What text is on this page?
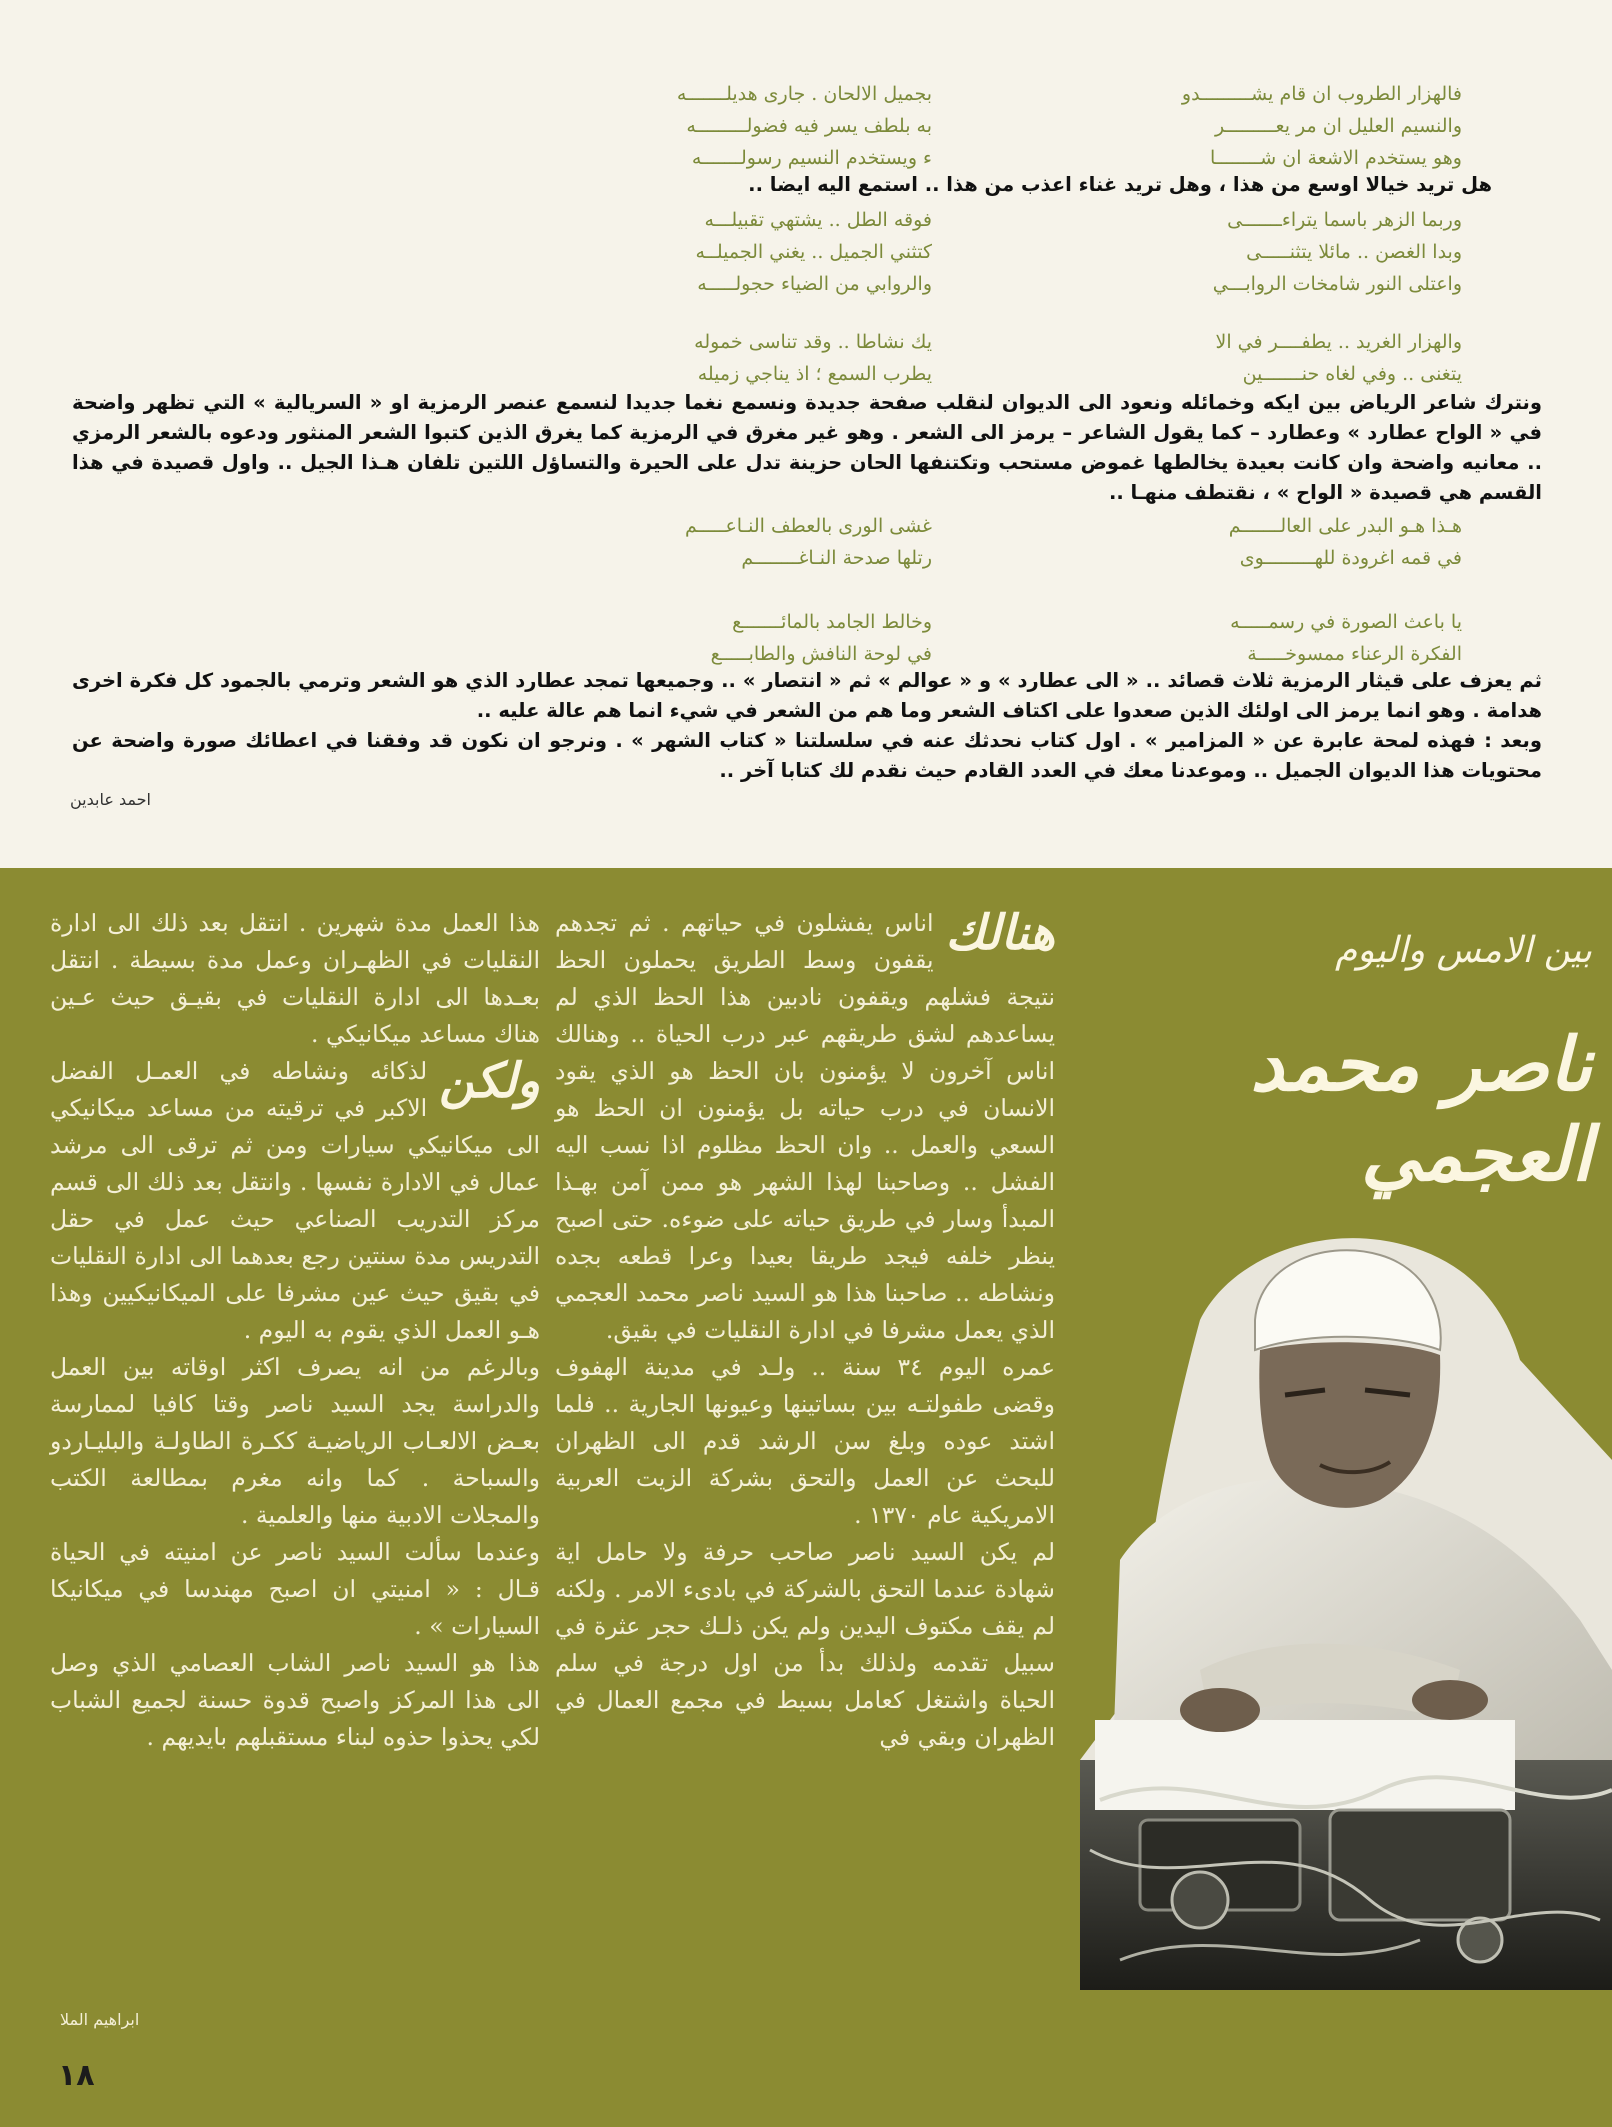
فالهزار الطروب ان قام يشـــــــــدو
بجميل الالحان . جارى هديلـــــــه
والنسيم العليل ان مر يعـــــــــر
به بلطف يسر فيه فضولـــــــــه
وهو يستخدم الاشعة ان شــــــــا
ء ويستخدم النسيم رسولـــــــه
هل تريد خيالا اوسع من هذا ، وهل تريد غناء اعذب من هذا .. استمع اليه ايضا ..
وربما الزهر باسما يتراءـــــــى
فوقه الطل .. يشتهي تقبيلـــه
وبدا الغصن .. مائلا يتثنـــــى
كتثني الجميل .. يغني الجميلــه
واعتلى النور شامخات الروابـــي
والروابي من الضياء حجولـــــه
والهزار الغريد .. يطفــــر في الا
يك نشاطا .. وقد تناسى خموله
يتغنى .. وفي لغاه حنـــــــين
يطرب السمع ؛ اذ يناجي زميله
ونترك شاعر الرياض بين ايكه وخمائله ونعود الى الديوان لنقلب صفحة جديدة ونسمع نغما جديدا لنسمع عنصر الرمزية او « السريالية » التي تظهر واضحة في « الواح عطارد » وعطارد – كما يقول الشاعر – يرمز الى الشعر . وهو غير مغرق في الرمزية كما يغرق الذين كتبوا الشعر المنثور ودعوه بالشعر الرمزي .. معانيه واضحة وان كانت بعيدة يخالطها غموض مستحب وتكتنفها الحان حزينة تدل على الحيرة والتساؤل اللتين تلفان هـذا الجيل .. واول قصيدة في هذا القسم هي قصيدة « الواح » ، نقتطف منهـا ..
هـذا هـو البدر على العالـــــــم
غشى الورى بالعطف النـاعـــــم
في قمه اغرودة للهـــــــــوى
رتلها صدحة النـاغــــــــم
يا باعث الصورة في رسمـــــه
وخالط الجامد بالمائـــــــع
الفكرة الرعناء ممسوخـــــة
في لوحة النافش والطابـــــع
ثم يعزف على قيثار الرمزية ثلاث قصائد .. « الى عطارد » و « عوالم » ثم « انتصار » .. وجميعها تمجد عطارد الذي هو الشعر وترمي بالجمود كل فكرة اخرى هدامة . وهو انما يرمز الى اولئك الذين صعدوا على اكتاف الشعر وما هم من الشعر في شيء انما هم عالة عليه ..
وبعد : فهذه لمحة عابرة عن « المزامير » . اول كتاب نحدثك عنه في سلسلتنا « كتاب الشهر » . ونرجو ان نكون قد وفقنا في اعطائك صورة واضحة عن محتويات هذا الديوان الجميل .. وموعدنا معك في العدد القادم حيث نقدم لك كتابا آخر ..
احمد عابدين
بين الامس واليوم
ناصر محمد العجمي

هنالك
اناس يفشلون في حياتهم . ثم تجدهم يقفون وسط الطريق يحملون الحظ نتيجة فشلهم ويقفون نادبين هذا الحظ الذي لم يساعدهم لشق طريقهم عبر درب الحياة .. وهنالك اناس آخرون لا يؤمنون بان الحظ هو الذي يقود الانسان في درب حياته بل يؤمنون ان الحظ هو السعي والعمل .. وان الحظ مظلوم اذا نسب اليه الفشل .. وصاحبنا لهذا الشهر هو ممن آمن بهـذا المبدأ وسار في طريق حياته على ضوءه. حتى اصبح ينظر خلفه فيجد طريقا بعيدا وعرا قطعه بجده ونشاطه .. صاحبنا هذا هو السيد ناصر محمد العجمي الذي يعمل مشرفا في ادارة النقليات في بقيق.

عمره اليوم ٣٤ سنة .. ولـد في مدينة الهفوف وقضى طفولتـه بين بساتينها وعيونها الجارية .. فلما اشتد عوده وبلغ سن الرشد قدم الى الظهران للبحث عن العمل والتحق بشركة الزيت العربية الامريكية عام ١٣٧٠ .

لم يكن السيد ناصر صاحب حرفة ولا حامل اية شهادة عندما التحق بالشركة في بادىء الامر . ولكنه لم يقف مكتوف اليدين ولم يكن ذلـك حجر عثرة في سبيل تقدمه ولذلك بدأ من اول درجة في سلم الحياة واشتغل كعامل بسيط في مجمع العمال في الظهران وبقي في

هذا العمل مدة شهرين . انتقل بعد ذلك الى ادارة النقليات في الظهـران وعمل مدة بسيطة . انتقل بعـدها الى ادارة النقليات في بقيـق حيث عـين هناك مساعد ميكانيكي .

ولكن
لذكائه ونشاطه في العمـل الفضل الاكبر في ترقيته من مساعد ميكانيكي الى ميكانيكي سيارات ومن ثم ترقى الى مرشد عمال في الادارة نفسها . وانتقل بعد ذلك الى قسم مركز التدريب الصناعي حيث عمل في حقل التدريس مدة سنتين رجع بعدهما الى ادارة النقليات في بقيق حيث عين مشرفا على الميكانيكيين وهذا هـو العمل الذي يقوم به اليوم .

وبالرغم من انه يصرف اكثر اوقاته بين العمل والدراسة يجد السيد ناصر وقتا كافيا لممارسة بعـض الالعـاب الرياضيـة ككـرة الطاولـة والبليـاردو والسباحة . كما وانه مغرم بمطالعة الكتب والمجلات الادبية منها والعلمية .

وعندما سألت السيد ناصر عن امنيته في الحياة قـال : « امنيتي ان اصبح مهندسا في ميكانيكا السيارات » .

هذا هو السيد ناصر الشاب العصامي الذي وصل الى هذا المركز واصبح قدوة حسنة لجميع الشباب لكي يحذوا حذوه لبناء مستقبلهم بايديهم .

ابراهيم الملا
١٨
